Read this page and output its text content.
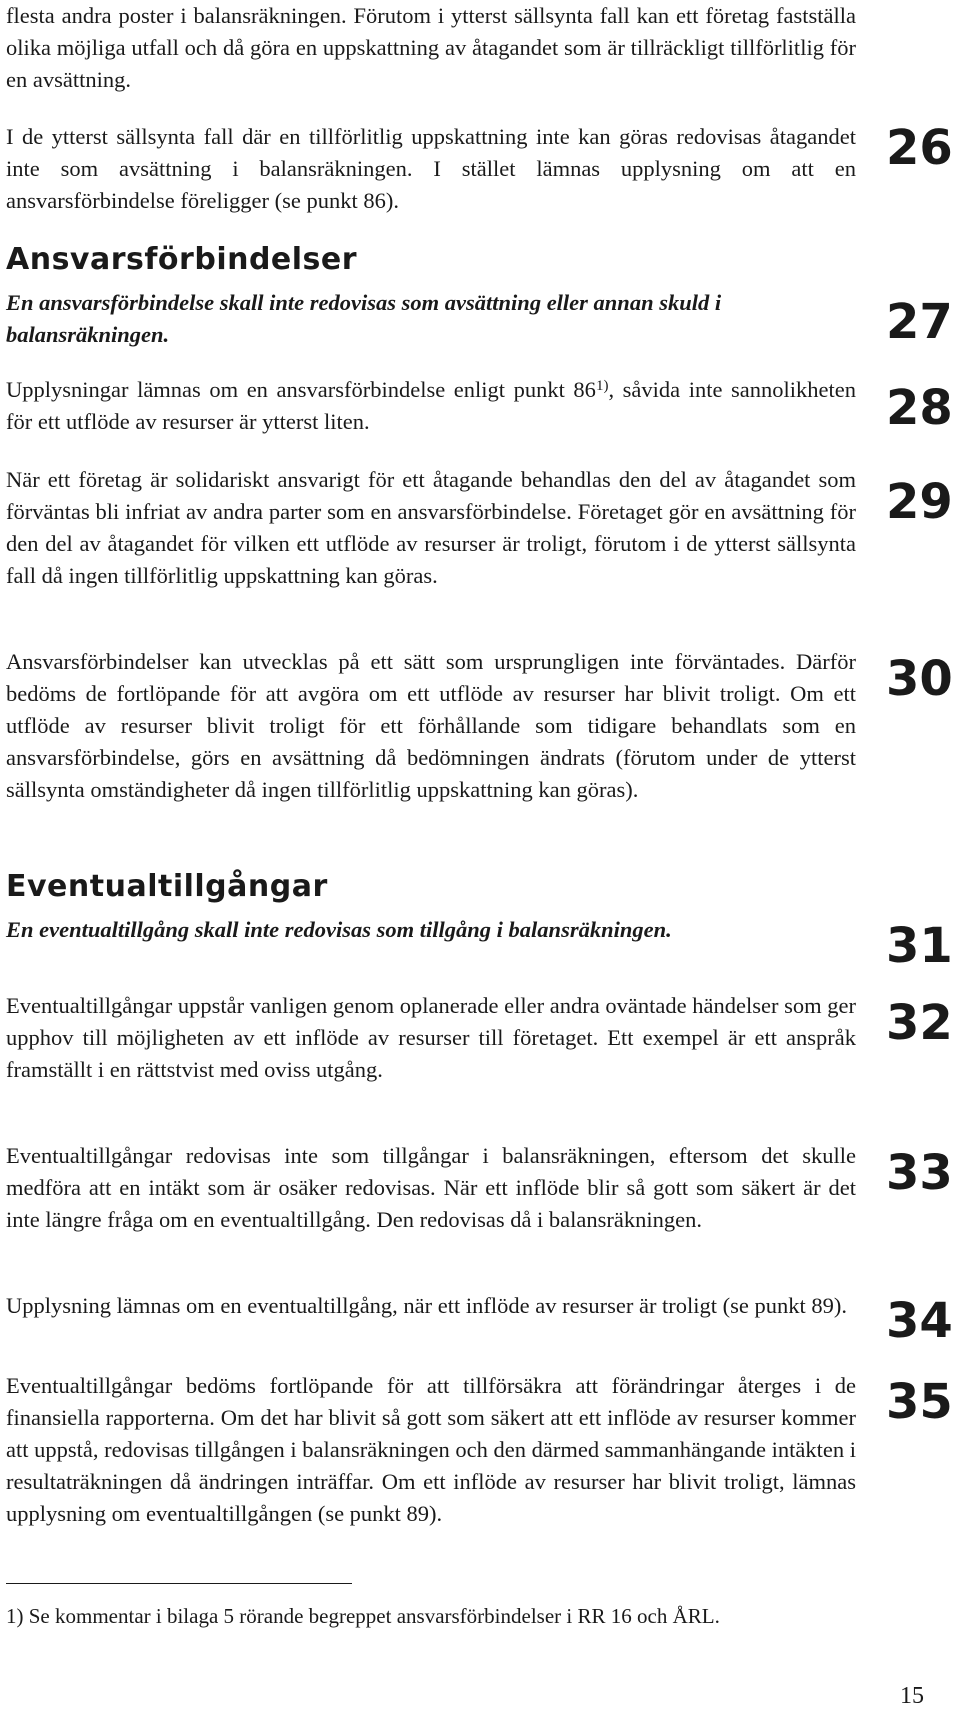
flesta andra poster i balansräkningen. Förutom i ytterst sällsynta fall kan ett företag fastställa olika möjliga utfall och då göra en uppskattning av åtagandet som är tillräckligt tillförlitlig för en avsättning.

I de ytterst sällsynta fall där en tillförlitlig uppskattning inte kan göras redovisas åtagandet inte som avsättning i balansräkningen. I stället lämnas upplysning om att en ansvarsförbindelse föreligger (se punkt 86).

26
Ansvarsförbindelser
En ansvarsförbindelse skall inte redovisas som avsättning eller annan skuld i balansräkningen.	27

Upplysningar lämnas om en ansvarsförbindelse enligt punkt 86$^{1)}$, såvida inte sannolikheten för ett utflöde av resurser är ytterst liten.	28

När ett företag är solidariskt ansvarigt för ett åtagande behandlas den del av åtagandet som förväntas bli infriat av andra parter som en ansvarsförbindelse. Företaget gör en avsättning för den del av åtagandet för vilken ett utflöde av resurser är troligt, förutom i de ytterst sällsynta fall då ingen tillförlitlig uppskattning kan göras.

29

Ansvarsförbindelser kan utvecklas på ett sätt som ursprungligen inte förväntades. Därför bedöms de fortlöpande för att avgöra om ett utflöde av resurser har blivit troligt. Om ett utflöde av resurser blivit troligt för ett förhållande som tidigare behandlats som en ansvarsförbindelse, görs en avsättning då bedömningen ändrats (förutom under de ytterst sällsynta omständigheter då ingen tillförlitlig uppskattning kan göras).

30
Eventualtillgångar
En eventualtillgång skall inte redovisas som tillgång i balansräkningen.	31

Eventualtillgångar uppstår vanligen genom oplanerade eller andra oväntade händelser som ger upphov till möjligheten av ett inflöde av resurser till företaget. Ett exempel är ett anspråk framställt i en rättstvist med oviss utgång.

32

Eventualtillgångar redovisas inte som tillgångar i balansräkningen, eftersom det skulle medföra att en intäkt som är osäker redovisas. När ett inflöde blir så gott som säkert är det inte längre fråga om en eventualtillgång. Den redovisas då i balansräkningen.

33

Upplysning lämnas om en eventualtillgång, när ett inflöde av resurser är troligt (se punkt 89). 34

Eventualtillgångar bedöms fortlöpande för att tillförsäkra att förändringar återges i de finansiella rapporterna. Om det har blivit så gott som säkert att ett inflöde av resurser kommer att uppstå, redovisas tillgången i balansräkningen och den därmed sammanhängande intäkten i resultaträkningen då ändringen inträffar. Om ett inflöde av resurser har blivit troligt, lämnas upplysning om eventualtillgången (se punkt 89).

35
1) Se kommentar i bilaga 5 rörande begreppet ansvarsförbindelser i RR 16 och ÅRL.
15
